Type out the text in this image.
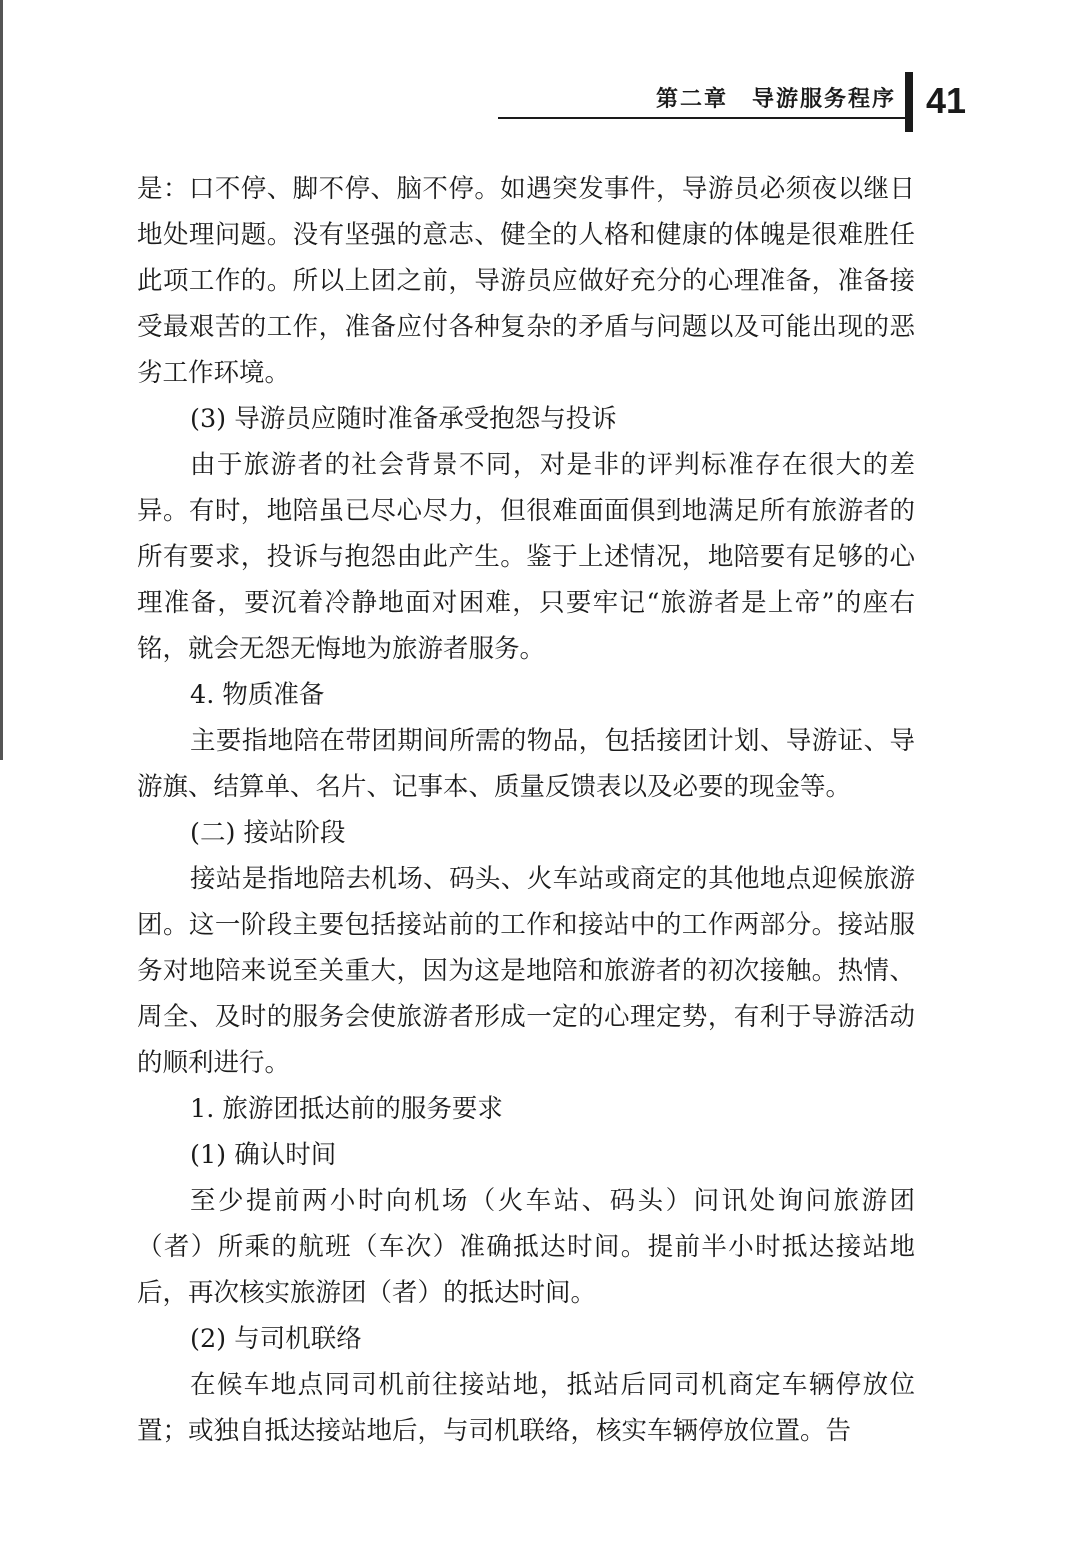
第二章　导游服务程序 41

是：口不停、脚不停、脑不停。如遇突发事件，导游员必须夜以继日地处理问题。没有坚强的意志、健全的人格和健康的体魄是很难胜任此项工作的。所以上团之前，导游员应做好充分的心理准备，准备接受最艰苦的工作，准备应付各种复杂的矛盾与问题以及可能出现的恶劣工作环境。

(3) 导游员应随时准备承受抱怨与投诉

由于旅游者的社会背景不同，对是非的评判标准存在很大的差异。有时，地陪虽已尽心尽力，但很难面面俱到地满足所有旅游者的所有要求，投诉与抱怨由此产生。鉴于上述情况，地陪要有足够的心理准备，要沉着冷静地面对困难，只要牢记“旅游者是上帝”的座右铭，就会无怨无悔地为旅游者服务。

4. 物质准备

主要指地陪在带团期间所需的物品，包括接团计划、导游证、导游旗、结算单、名片、记事本、质量反馈表以及必要的现金等。

(二) 接站阶段

接站是指地陪去机场、码头、火车站或商定的其他地点迎候旅游团。这一阶段主要包括接站前的工作和接站中的工作两部分。接站服务对地陪来说至关重大，因为这是地陪和旅游者的初次接触。热情、周全、及时的服务会使旅游者形成一定的心理定势，有利于导游活动的顺利进行。

1. 旅游团抵达前的服务要求

(1) 确认时间

至少提前两小时向机场（火车站、码头）问讯处询问旅游团（者）所乘的航班（车次）准确抵达时间。提前半小时抵达接站地后，再次核实旅游团（者）的抵达时间。

(2) 与司机联络

在候车地点同司机前往接站地，抵站后同司机商定车辆停放位置；或独自抵达接站地后，与司机联络，核实车辆停放位置。告
